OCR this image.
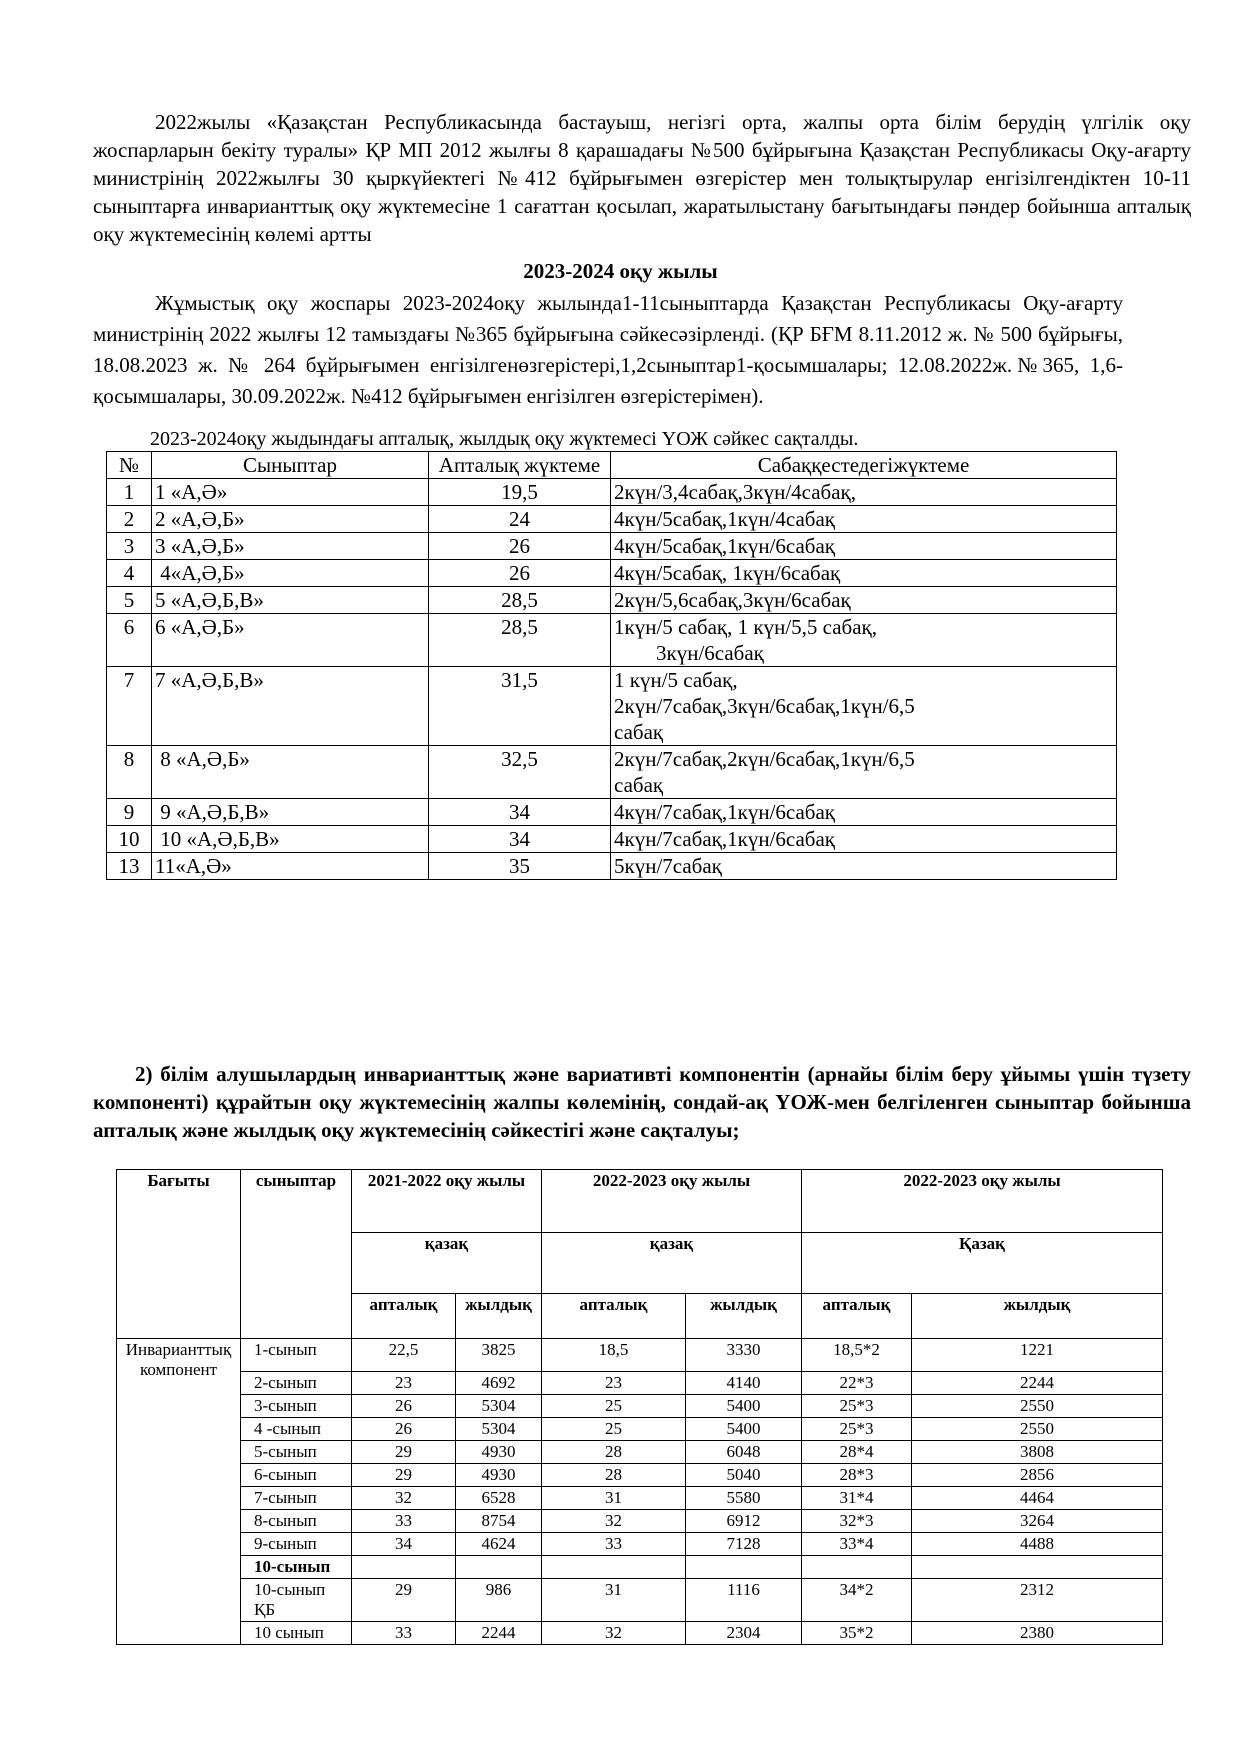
2022жылы «Қазақстан Республикасында бастауыш, негізгі орта, жалпы орта білім берудің үлгілік оқу жоспарларын бекіту туралы» ҚР МП 2012 жылғы 8 қарашадағы №500 бұйрығына Қазақстан Республикасы Оқу-ағарту министрінің 2022жылғы 30 қыркүйектегі №412 бұйрығымен өзгерістер мен толықтырулар енгізілгендіктен 10-11 сыныптарға инварианттық оқу жүктемесіне 1 сағаттан қосылап, жаратылыстану бағытындағы пәндер бойынша апталық оқу жүктемесінің көлемі артты

2023-2024 оқу жылы

Жұмыстық оқу жоспары 2023-2024оқу жылында1-11сыныптарда Қазақстан Республикасы Оқу-ағарту министрінің 2022 жылғы 12 тамыздағы №365 бұйрығына сәйкесәзірленді. (ҚР БҒМ 8.11.2012 ж. № 500 бұйрығы, 18.08.2023 ж. № 264 бұйрығымен енгізілгенөзгерістері,1,2сыныптар1-қосымшалары; 12.08.2022ж.№365, 1,6-қосымшалары, 30.09.2022ж. №412 бұйрығымен енгізілген өзгерістерімен).

2023-2024оқу жыдындағы апталық, жылдық оқу жүктемесі ҮОЖ сәйкес сақталды.

№	Сыныптар	Апталық жүктеме	Сабаққестедегіжүктеме
1	1 «А,Ә»	19,5	2күн/3,4сабақ,3күн/4сабақ,
2	2 «А,Ә,Б»	24	4күн/5сабақ,1күн/4сабақ
3	3 «А,Ә,Б»	26	4күн/5сабақ,1күн/6сабақ
4	4«А,Ә,Б»	26	4күн/5сабақ, 1күн/6сабақ
5	5 «А,Ә,Б,В»	28,5	2күн/5,6сабақ,3күн/6сабақ
6	6 «А,Ә,Б»	28,5	1күн/5 сабақ, 1 күн/5,5 сабақ,
3күн/6сабақ
7	7 «А,Ә,Б,В»	31,5	1 күн/5 сабақ,
2күн/7сабақ,3күн/6сабақ,1күн/6,5
сабақ
8	8 «А,Ә,Б»	32,5	2күн/7сабақ,2күн/6сабақ,1күн/6,5
сабақ
9	9 «А,Ә,Б,В»	34	4күн/7сабақ,1күн/6сабақ
10	10 «А,Ә,Б,В»	34	4күн/7сабақ,1күн/6сабақ
13	11«А,Ә»	35	5күн/7сабақ

2) білім алушылардың инварианттық және вариативті компонентін (арнайы білім беру ұйымы үшін түзету компоненті) құрайтын оқу жүктемесінің жалпы көлемінің, сондай-ақ ҮОЖ-мен белгіленген сыныптар бойынша апталық және жылдық оқу жүктемесінің сәйкестігі және сақталуы;

Бағыты	сыныптар	2021-2022 оқу жылы		2022-2023 оқу жылы		2022-2023 оқу жылы	
		қазақ		қазақ		Қазақ	
		апталық	жылдық	апталық	жылдық	апталық	жылдық
Инварианттық компонент	1-сынып	22,5	3825	18,5	3330	18,5*2	1221
	2-сынып	23	4692	23	4140	22*3	2244
	3-сынып	26	5304	25	5400	25*3	2550
	4 -сынып	26	5304	25	5400	25*3	2550
	5-сынып	29	4930	28	6048	28*4	3808
	6-сынып	29	4930	28	5040	28*3	2856
	7-сынып	32	6528	31	5580	31*4	4464
	8-сынып	33	8754	32	6912	32*3	3264
	9-сынып	34	4624	33	7128	33*4	4488
	10-сынып						
	10-сынып ҚБ	29	986	31	1116	34*2	2312
	10 сынып	33	2244	32	2304	35*2	2380
